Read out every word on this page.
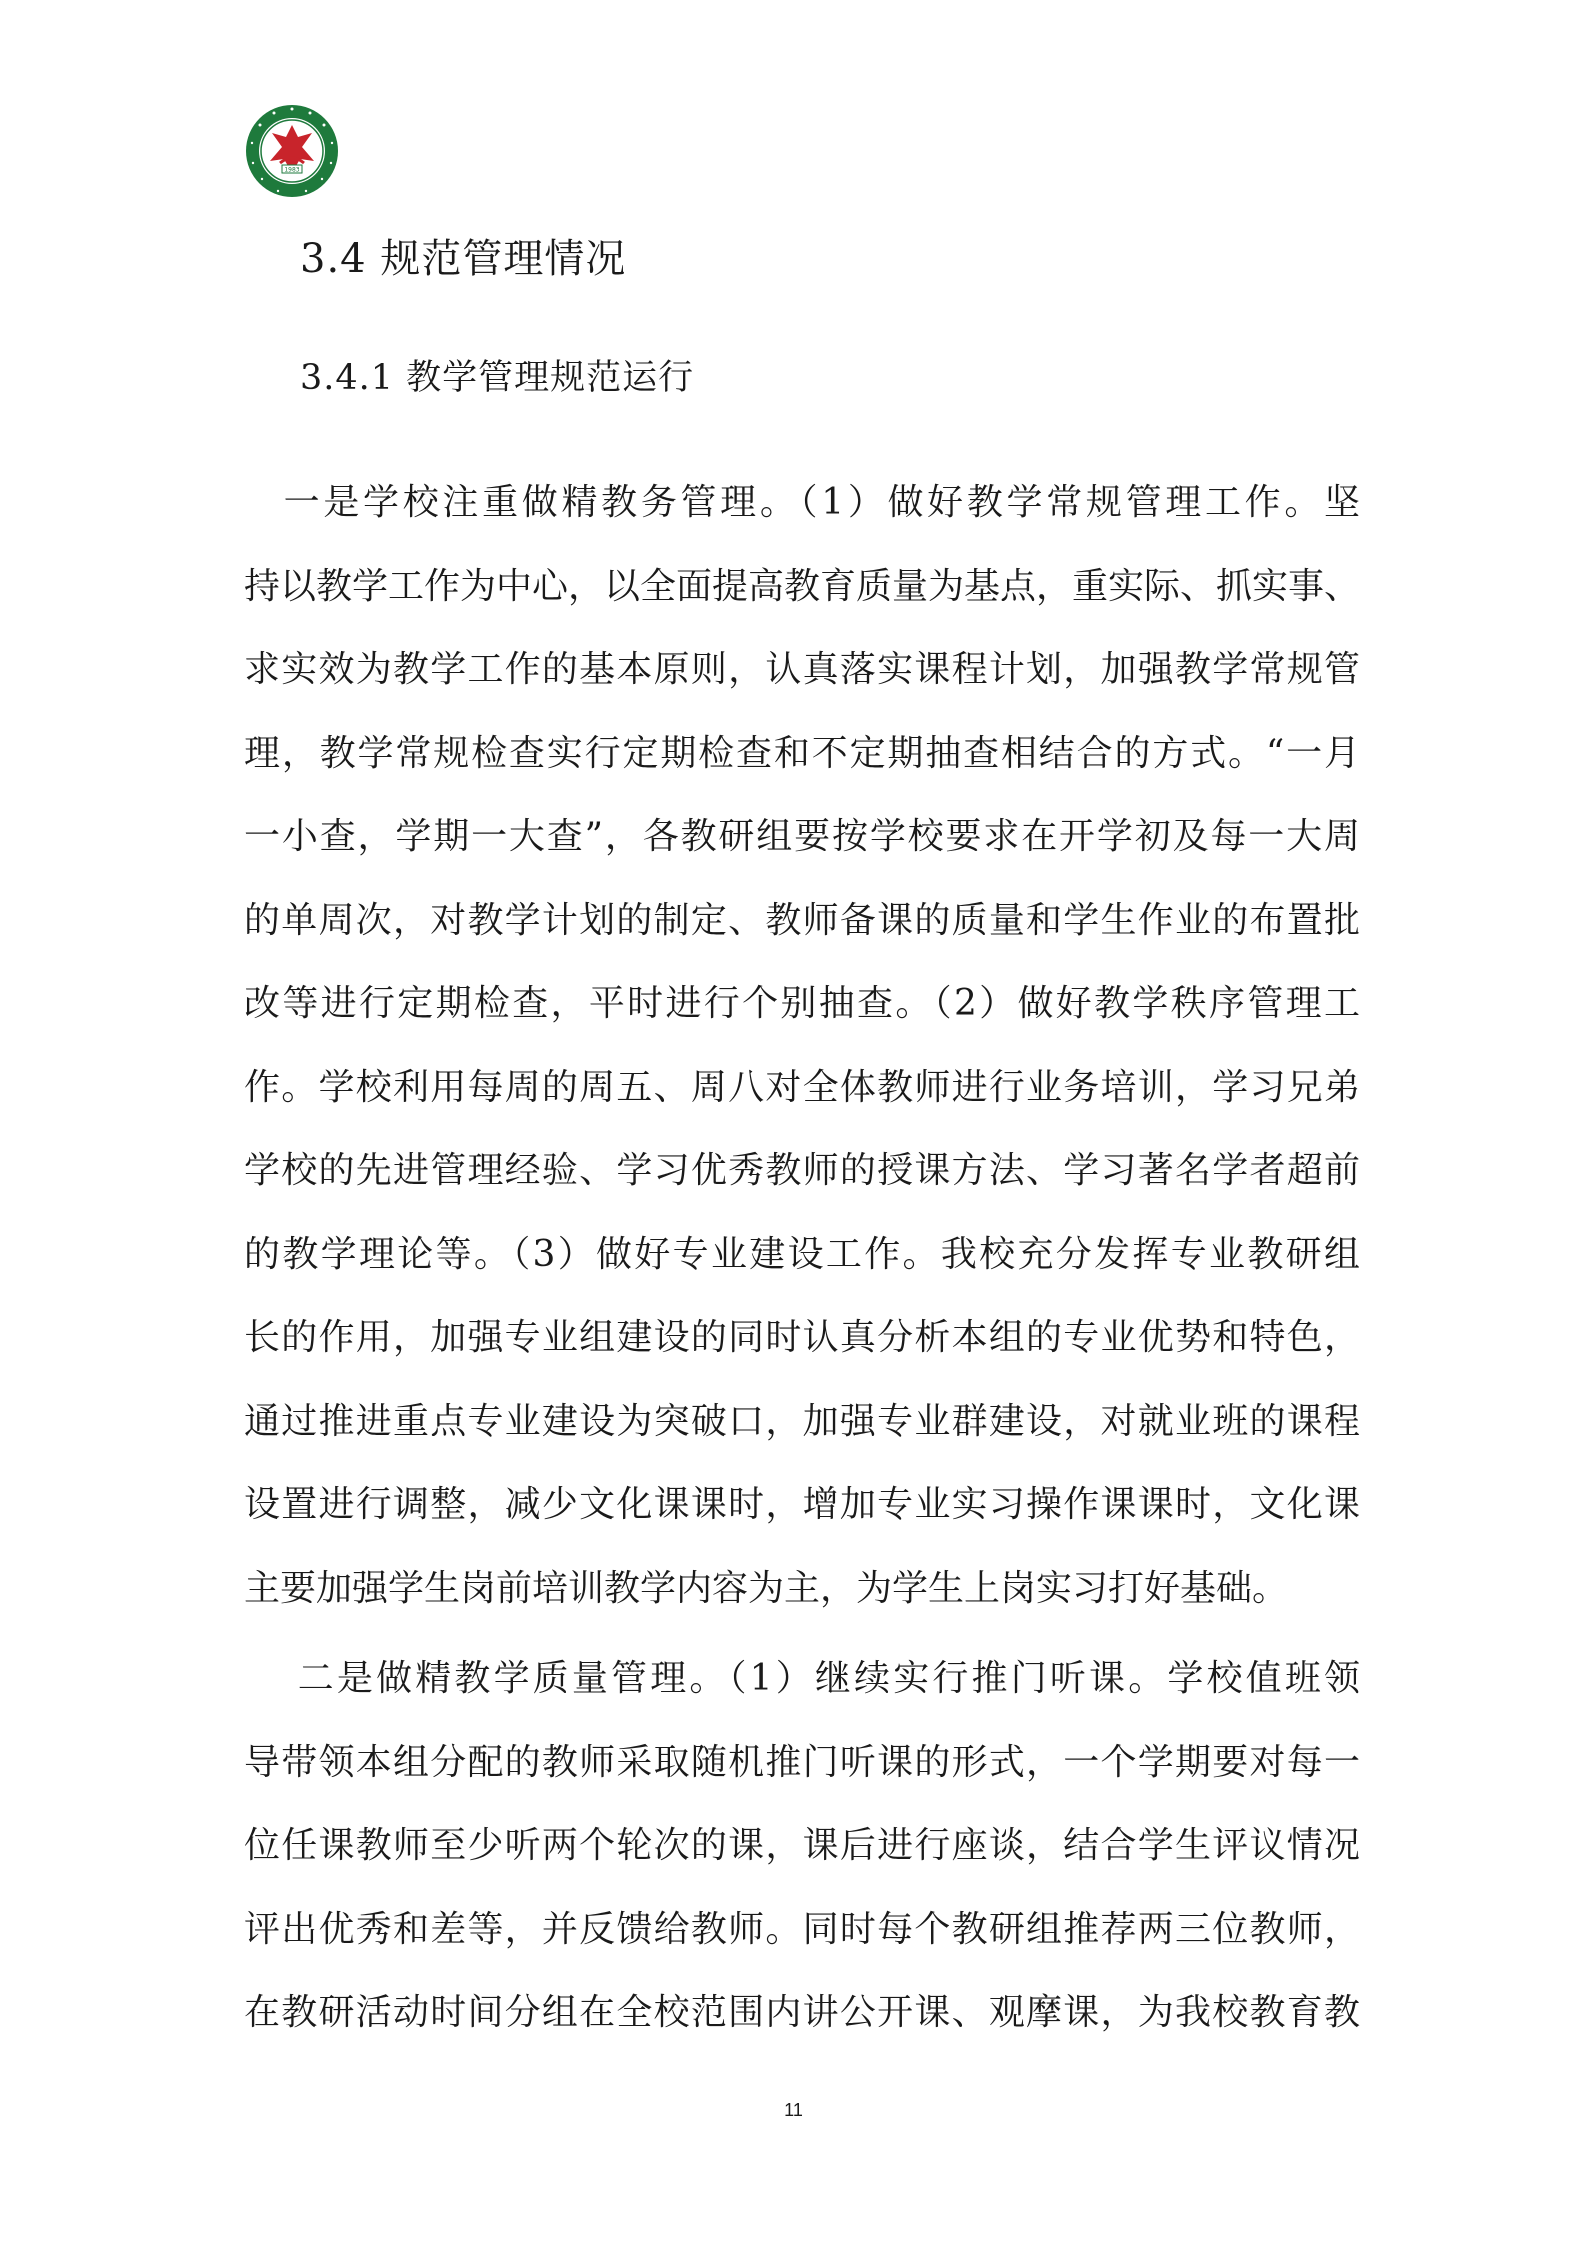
1983
3.4 规范管理情况
3.4.1 教学管理规范运行
　一是学校注重做精教务管理。（1）做好教学常规管理工作。坚
持以教学工作为中心，以全面提高教育质量为基点，重实际、抓实事、
求实效为教学工作的基本原则，认真落实课程计划，加强教学常规管
理，教学常规检查实行定期检查和不定期抽查相结合的方式。“一月
一小查，学期一大查”，各教研组要按学校要求在开学初及每一大周
的单周次，对教学计划的制定、教师备课的质量和学生作业的布置批
改等进行定期检查，平时进行个别抽查。（2）做好教学秩序管理工
作。学校利用每周的周五、周八对全体教师进行业务培训，学习兄弟
学校的先进管理经验、学习优秀教师的授课方法、学习著名学者超前
的教学理论等。（3）做好专业建设工作。我校充分发挥专业教研组
长的作用，加强专业组建设的同时认真分析本组的专业优势和特色，
通过推进重点专业建设为突破口，加强专业群建设，对就业班的课程
设置进行调整，减少文化课课时，增加专业实习操作课课时，文化课
主要加强学生岗前培训教学内容为主，为学生上岗实习打好基础。
　 二是做精教学质量管理。（1）继续实行推门听课。学校值班领
导带领本组分配的教师采取随机推门听课的形式，一个学期要对每一
位任课教师至少听两个轮次的课，课后进行座谈，结合学生评议情况
评出优秀和差等，并反馈给教师。同时每个教研组推荐两三位教师，
在教研活动时间分组在全校范围内讲公开课、观摩课，为我校教育教
11
